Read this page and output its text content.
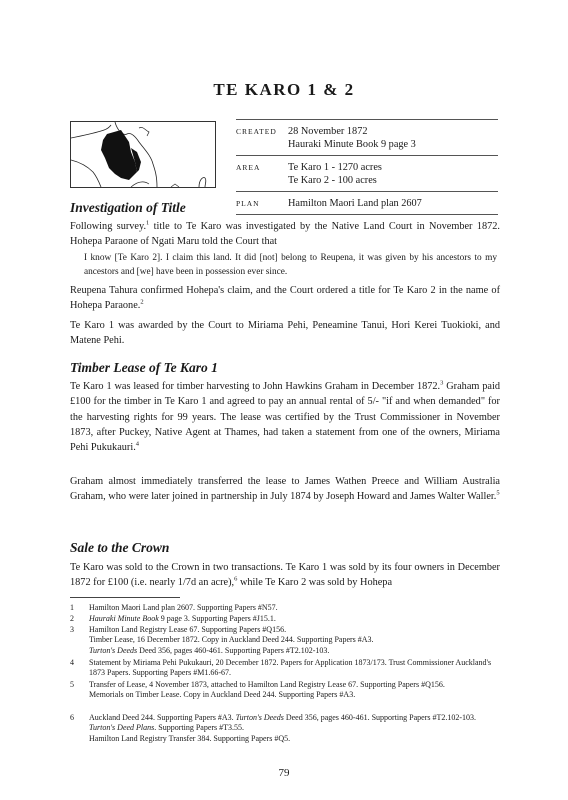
TE KARO 1 & 2
CREATED	28 November 1872
Hauraki Minute Book 9 page 3
AREA	Te Karo 1 - 1270 acres
Te Karo 2 - 100 acres
PLAN	Hamilton Maori Land plan 2607
Investigation of Title

Following survey.$^1$ title to Te Karo was investigated by the Native Land Court in November 1872. Hohepa Paraone of Ngati Maru told the Court that

I know [Te Karo 2]. I claim this land. It did [not] belong to Reupena, it was given by his ancestors to my ancestors and [we] have been in possession ever since.

Reupena Tahura confirmed Hohepa's claim, and the Court ordered a title for Te Karo 2 in the name of Hohepa Paraone.$^2$

Te Karo 1 was awarded by the Court to Miriama Pehi, Peneamine Tanui, Hori Kerei Tuokioki, and Matene Pehi.

Timber Lease of Te Karo 1

Te Karo 1 was leased for timber harvesting to John Hawkins Graham in December 1872.$^3$ Graham paid £100 for the timber in Te Karo 1 and agreed to pay an annual rental of 5/- "if and when demanded" for the harvesting rights for 99 years. The lease was certified by the Trust Commissioner in November 1873, after Puckey, Native Agent at Thames, had taken a statement from one of the owners, Miriama Pehi Pukukauri.$^4$

Graham almost immediately transferred the lease to James Wathen Preece and William Australia Graham, who were later joined in partnership in July 1874 by Joseph Howard and James Walter Waller.$^5$

Sale to the Crown

Te Karo was sold to the Crown in two transactions. Te Karo 1 was sold by its four owners in December 1872 for £100 (i.e. nearly 1/7d an acre),$^6$ while Te Karo 2 was sold by Hohepa

1	Hamilton Maori Land plan 2607. Supporting Papers #N57.
2	Hauraki Minute Book 9 page 3. Supporting Papers #J15.1.
3	Hamilton Land Registry Lease 67. Supporting Papers #Q156.
Timber Lease, 16 December 1872. Copy in Auckland Deed 244. Supporting Papers #A3.
Turton's Deeds Deed 356, pages 460-461. Supporting Papers #T2.102-103.
4	Statement by Miriama Pehi Pukukauri, 20 December 1872. Papers for Application 1873/173. Trust Commissioner Auckland's 1873 Papers. Supporting Papers #M1.66-67.
5	Transfer of Lease, 4 November 1873, attached to Hamilton Land Registry Lease 67. Supporting Papers #Q156.
Memorials on Timber Lease. Copy in Auckland Deed 244. Supporting Papers #A3.
6	Auckland Deed 244. Supporting Papers #A3. Turton's Deeds Deed 356, pages 460-461. Supporting Papers #T2.102-103. Turton's Deed Plans. Supporting Papers #T3.55.
Hamilton Land Registry Transfer 384. Supporting Papers #Q5.
79
